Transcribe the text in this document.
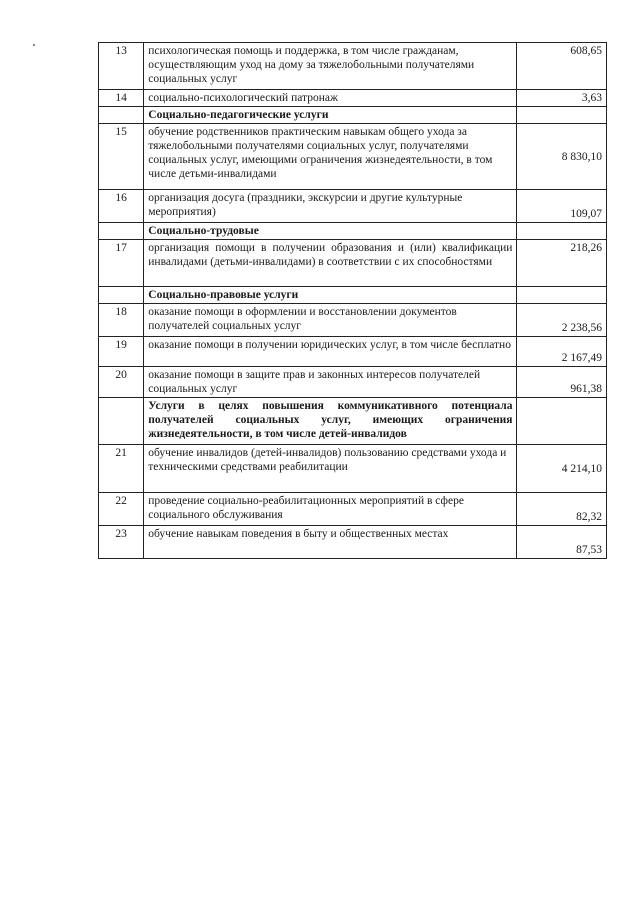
13	психологическая помощь и поддержка, в том числе гражданам, осуществляющим уход на дому за тяжелобольными получателями социальных услуг	608,65
14	социально-психологический патронаж	3,63
	Социально-педагогические услуги	
15	обучение родственников практическим навыкам общего ухода за тяжелобольными получателями социальных услуг, получателями социальных услуг, имеющими ограничения жизнедеятельности, в том числе детьми-инвалидами	8 830,10
16	организация досуга (праздники, экскурсии и другие культурные мероприятия)	109,07
	Социально-трудовые	
17	организация помощи в получении образования и (или) квалификации инвалидами (детьми-инвалидами) в соответствии с их способностями	218,26
	Социально-правовые услуги	
18	оказание помощи в оформлении и восстановлении документов получателей социальных услуг	2 238,56
19	оказание помощи в получении юридических услуг, в том числе бесплатно	2 167,49
20	оказание помощи в защите прав и законных интересов получателей социальных услуг	961,38
	Услуги в целях повышения коммуникативного потенциала получателей социальных услуг, имеющих ограничения жизнедеятельности, в том числе детей-инвалидов	
21	обучение инвалидов (детей-инвалидов) пользованию средствами ухода и техническими средствами реабилитации	4 214,10
22	проведение социально-реабилитационных мероприятий в сфере социального обслуживания	82,32
23	обучение навыкам поведения в быту и общественных местах	87,53
